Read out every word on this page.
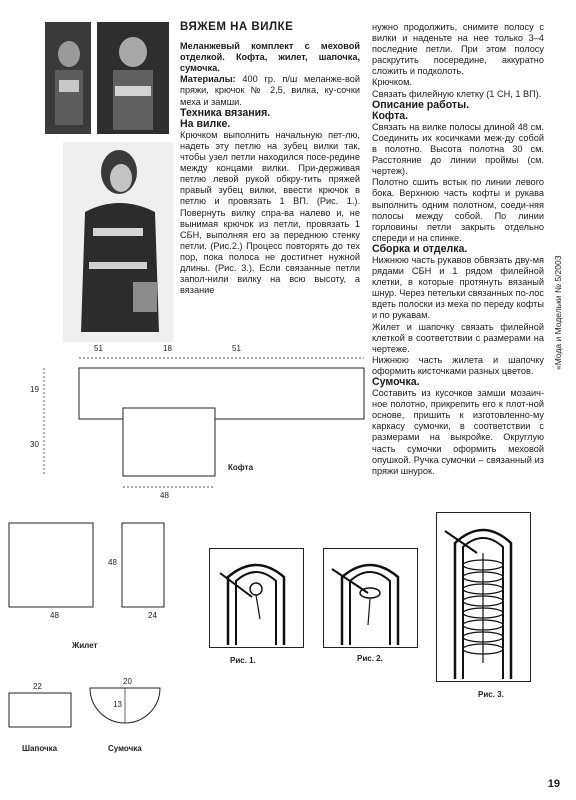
ВЯЖЕМ НА ВИЛКЕ

Меланжевый комплект с меховой отделкой. Кофта, жилет, шапочка, сумочка.

Материалы: 400 гр. п/ш меланже-вой пряжи, крючок № 2,5, вилка, ку-сочки меха и замши.

Техника вязания.

На вилке.

Крючком выполнить начальную пет-лю, надеть эту петлю на зубец вилки так, чтобы узел петли находился посе-редине между концами вилки. При-держивая петлю левой рукой обкру-тить пряжей правый зубец вилки, ввести крючок в петлю и провязать 1 ВП. (Рис. 1.). Повернуть вилку спра-ва налево и, не вынимая крючок из петли, провязать 1 СБН, выполняя его за переднюю стенку петли. (Рис.2.) Процесс повторять до тех пор, пока полоса не достигнет нужной длины. (Рис. 3.). Если связанные петли запол-нили вилку на всю высоту, а вязание

нужно продолжить, снимите полосу с вилки и наденьте на нее только 3–4 последние петли. При этом полосу раскрутить посередине, аккуратно сложить и подколоть.

Крючком.

Связать филейную клетку (1 СН, 1 ВП).

Описание работы.

Кофта.

Связать на вилке полосы длиной 48 см. Соединить их косичками меж-ду собой в полотно. Высота полотна 30 см. Расстояние до линии проймы (см. чертеж).

Полотно сшить встык по линии левого бока. Верхнюю часть кофты и рукава выполнить одним полотном, соеди-няя полосы между собой. По линии горловины петли закрыть отдельно спереди и на спинке.

Сборка и отделка.

Нижнюю часть рукавов обвязать дву-мя рядами СБН и 1 рядом филейной клетки, в которые протянуть вязаный шнур. Через петельки связанных по-лос вдеть полоски из меха по переду кофты и по рукавам.

Жилет и шапочку связать филейной клеткой в соответствии с размерами на чертеже.

Нижнюю часть жилета и шапочку оформить кисточками разных цветов.

Сумочка.

Составить из кусочков замши мозаич-ное полотно, прикрепить его к плот-ной основе, пришить к изготовленно-му каркасу сумочки, в соответствии с размерами на выкройке. Округлую часть сумочки оформить меховой опушкой. Ручка сумочки – связанный из пряжи шнурок.

«Мода и Модельки № 5/2003
51	18	51
19
30
48
Кофта
48
48
24
Жилет
22
Шапочка
20
13
Сумочка
Рис. 1.	Рис. 2.
Рис. 3.
19
